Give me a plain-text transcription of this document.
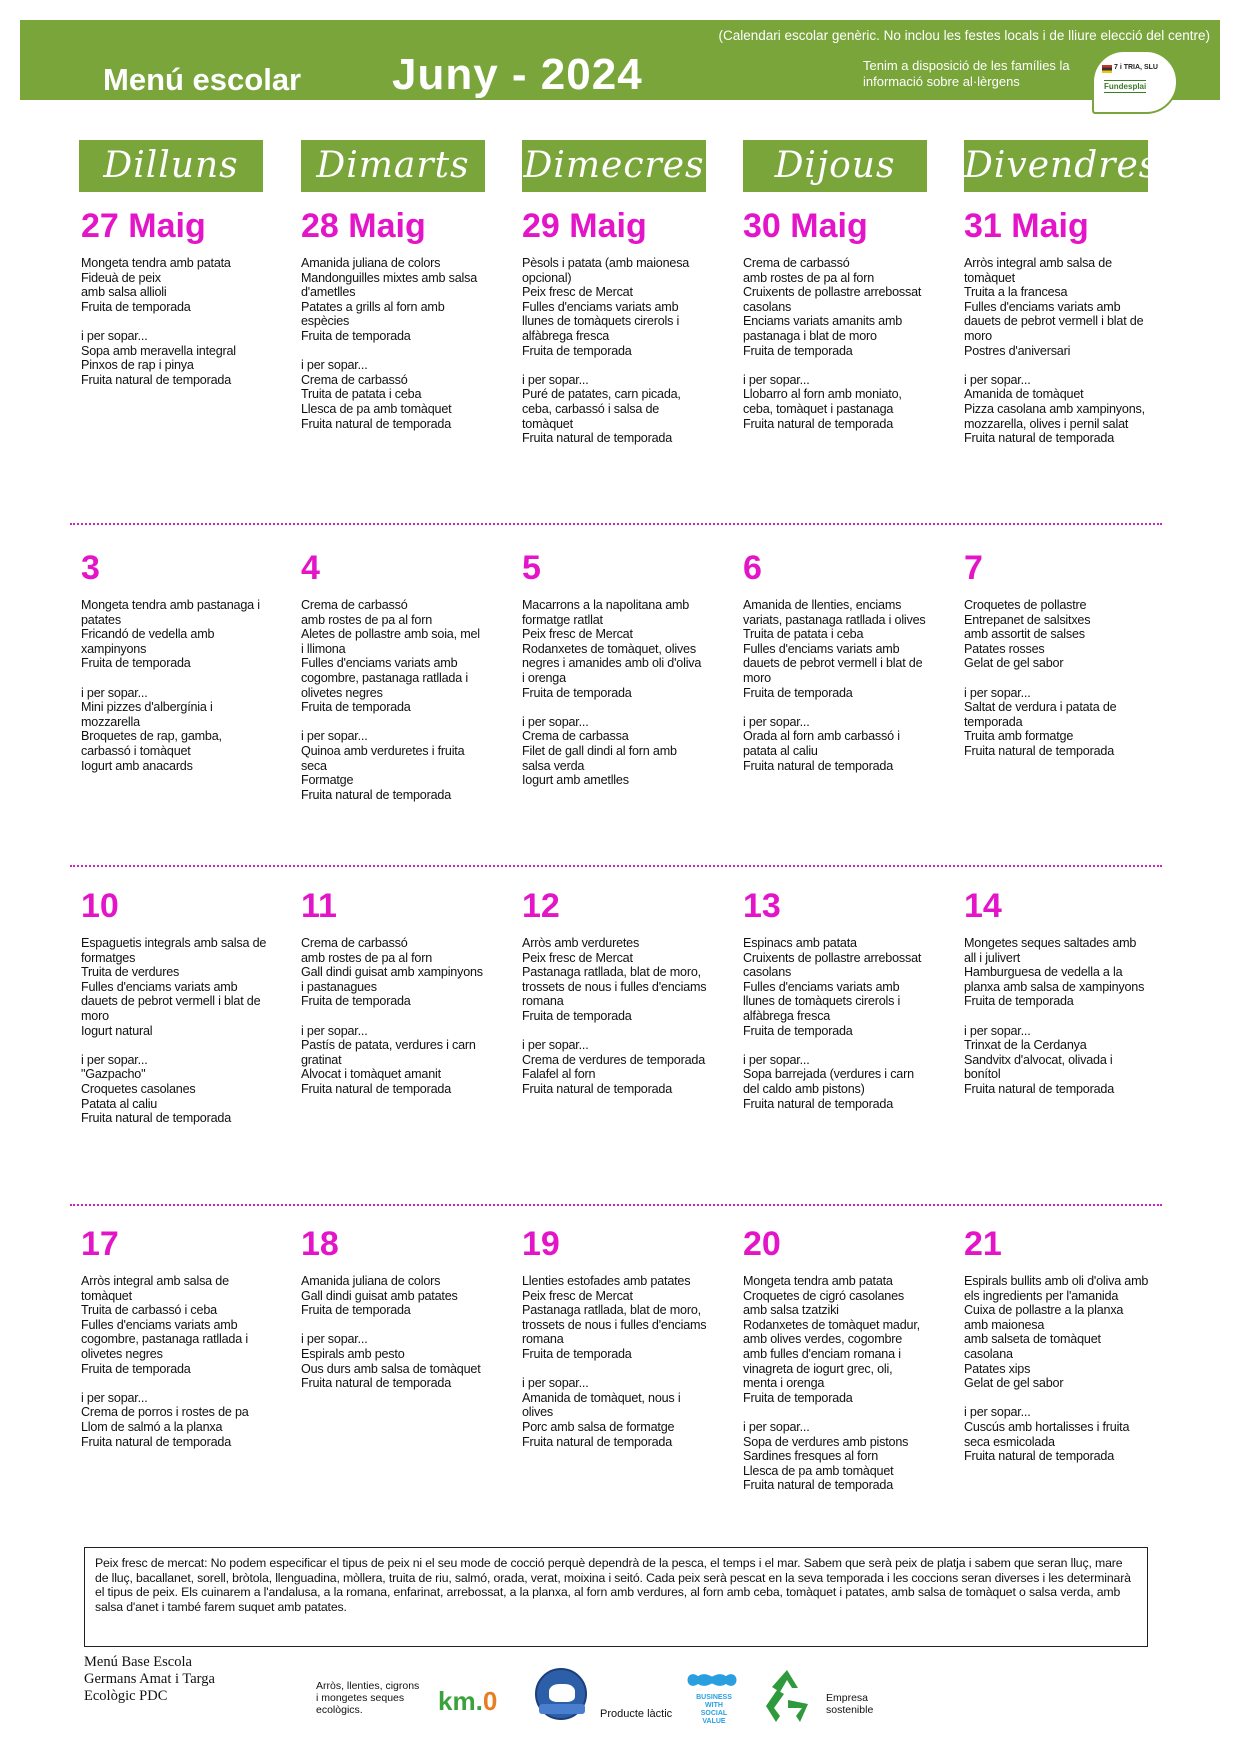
(Calendari escolar genèric. No inclou les festes locals i de lliure elecció del centre)
Menú escolar Juny - 2024	Tenim a disposició de les famílies la informació sobre al·lèrgens
7 i TRIA, SLU
Fundesplai
Dilluns	Dimarts	Dimecres	Dijous	Divendres
27 Maig
Mongeta tendra amb patata
Fideuà de peix
amb salsa allioli
Fruita de temporada

i per sopar...
Sopa amb meravella integral
Pinxos de rap i pinya
Fruita natural de temporada
28 Maig
Amanida juliana de colors
Mandonguilles mixtes amb salsa d'ametlles
Patates a grills al forn amb espècies
Fruita de temporada

i per sopar...
Crema de carbassó
Truita de patata i ceba
Llesca de pa amb tomàquet
Fruita natural de temporada
29 Maig
Pèsols i patata (amb maionesa opcional)
Peix fresc de Mercat
Fulles d'enciams variats amb llunes de tomàquets cirerols i alfàbrega fresca
Fruita de temporada

i per sopar...
Puré de patates, carn picada, ceba, carbassó i salsa de tomàquet
Fruita natural de temporada
30 Maig
Crema de carbassó
amb rostes de pa al forn
Cruixents de pollastre arrebossat
casolans
Enciams variats amanits amb pastanaga i blat de moro
Fruita de temporada

i per sopar...
Llobarro al forn amb moniato, ceba, tomàquet i pastanaga
Fruita natural de temporada
31 Maig
Arròs integral amb salsa de tomàquet
Truita a la francesa
Fulles d'enciams variats amb dauets de pebrot vermell i blat de
moro
Postres d'aniversari

i per sopar...
Amanida de tomàquet
Pizza casolana amb xampinyons, mozzarella, olives i pernil salat
Fruita natural de temporada
3
Mongeta tendra amb pastanaga i
patates
Fricandó de vedella amb xampinyons
Fruita de temporada

i per sopar...
Mini pizzes d'albergínia i mozzarella
Broquetes de rap, gamba, carbassó i tomàquet
Iogurt amb anacards
4
Crema de carbassó
amb rostes de pa al forn
Aletes de pollastre amb soia, mel
i llimona
Fulles d'enciams variats amb cogombre, pastanaga ratllada i olivetes negres
Fruita de temporada

i per sopar...
Quinoa amb verduretes i fruita seca
Formatge
Fruita natural de temporada
5
Macarrons a la napolitana amb formatge ratllat
Peix fresc de Mercat
Rodanxetes de tomàquet, olives negres i amanides amb oli d'oliva
i orenga
Fruita de temporada

i per sopar...
Crema de carbassa
Filet de gall dindi al forn amb salsa verda
Iogurt amb ametlles
6
Amanida de llenties, enciams variats, pastanaga ratllada i olives
Truita de patata i ceba
Fulles d'enciams variats amb dauets de pebrot vermell i blat de
moro
Fruita de temporada

i per sopar...
Orada al forn amb carbassó i patata al caliu
Fruita natural de temporada
7
Croquetes de pollastre
Entrepanet de salsitxes
amb assortit de salses
Patates rosses
Gelat de gel sabor

i per sopar...
Saltat de verdura i patata de temporada
Truita amb formatge
Fruita natural de temporada
10
Espaguetis integrals amb salsa de formatges
Truita de verdures
Fulles d'enciams variats amb dauets de pebrot vermell i blat de
moro
Iogurt natural

i per sopar...
"Gazpacho"
Croquetes casolanes
Patata al caliu
Fruita natural de temporada
11
Crema de carbassó
amb rostes de pa al forn
Gall dindi guisat amb xampinyons i pastanagues
Fruita de temporada

i per sopar...
Pastís de patata, verdures i carn gratinat
Alvocat i tomàquet amanit
Fruita natural de temporada
12
Arròs amb verduretes
Peix fresc de Mercat
Pastanaga ratllada, blat de moro,
trossets de nous i fulles d'enciams romana
Fruita de temporada

i per sopar...
Crema de verdures de temporada
Falafel al forn
Fruita natural de temporada
13
Espinacs amb patata
Cruixents de pollastre arrebossat
casolans
Fulles d'enciams variats amb llunes de tomàquets cirerols i alfàbrega fresca
Fruita de temporada

i per sopar...
Sopa barrejada (verdures i carn del caldo amb pistons)
Fruita natural de temporada
14
Mongetes seques saltades amb all i julivert
Hamburguesa de vedella a la planxa amb salsa de xampinyons
Fruita de temporada

i per sopar...
Trinxat de la Cerdanya
Sandvitx d'alvocat, olivada i bonítol
Fruita natural de temporada
17
Arròs integral amb salsa de tomàquet
Truita de carbassó i ceba
Fulles d'enciams variats amb cogombre, pastanaga ratllada i olivetes negres
Fruita de temporada

i per sopar...
Crema de porros i rostes de pa
Llom de salmó a la planxa
Fruita natural de temporada
18
Amanida juliana de colors
Gall dindi guisat amb patates
Fruita de temporada

i per sopar...
Espirals amb pesto
Ous durs amb salsa de tomàquet
Fruita natural de temporada
19
Llenties estofades amb patates
Peix fresc de Mercat
Pastanaga ratllada, blat de moro,
trossets de nous i fulles d'enciams romana
Fruita de temporada

i per sopar...
Amanida de tomàquet, nous i olives
Porc amb salsa de formatge
Fruita natural de temporada
20
Mongeta tendra amb patata
Croquetes de cigró casolanes amb salsa tzatziki
Rodanxetes de tomàquet madur,
amb olives verdes, cogombre amb fulles d'enciam romana i vinagreta de iogurt grec, oli, menta i orenga
Fruita de temporada

i per sopar...
Sopa de verdures amb pistons
Sardines fresques al forn
Llesca de pa amb tomàquet
Fruita natural de temporada
21
Espirals bullits amb oli d'oliva amb els ingredients per l'amanida
Cuixa de pollastre a la planxa amb maionesa
amb salseta de tomàquet casolana
Patates xips
Gelat de gel sabor

i per sopar...
Cuscús amb hortalisses i fruita seca esmicolada
Fruita natural de temporada
Peix fresc de mercat: No podem especificar el tipus de peix ni el seu mode de cocció perquè dependrà de la pesca, el temps i el mar. Sabem que serà peix de platja i sabem que seran lluç, mare de lluç, bacallanet, sorell, bròtola, llenguadina, mòllera, truita de riu, salmó, orada, verat, moixina i seitó. Cada peix serà pescat en la seva temporada i les coccions seran diverses i les determinarà el tipus de peix. Els cuinarem a l'andalusa, a la romana, enfarinat, arrebossat, a la planxa, al forn amb verdures, al forn amb ceba, tomàquet i patates, amb salsa de tomàquet o salsa verda, amb salsa d'anet i també farem suquet amb patates.
Menú Base Escola
Germans Amat i Targa
Ecològic PDC
Arròs, llenties, cigrons
i mongetes seques
ecològics.	km.0	Producte làctic
BUSINESS
WITH
SOCIAL
VALUE
Empresa
sostenible
